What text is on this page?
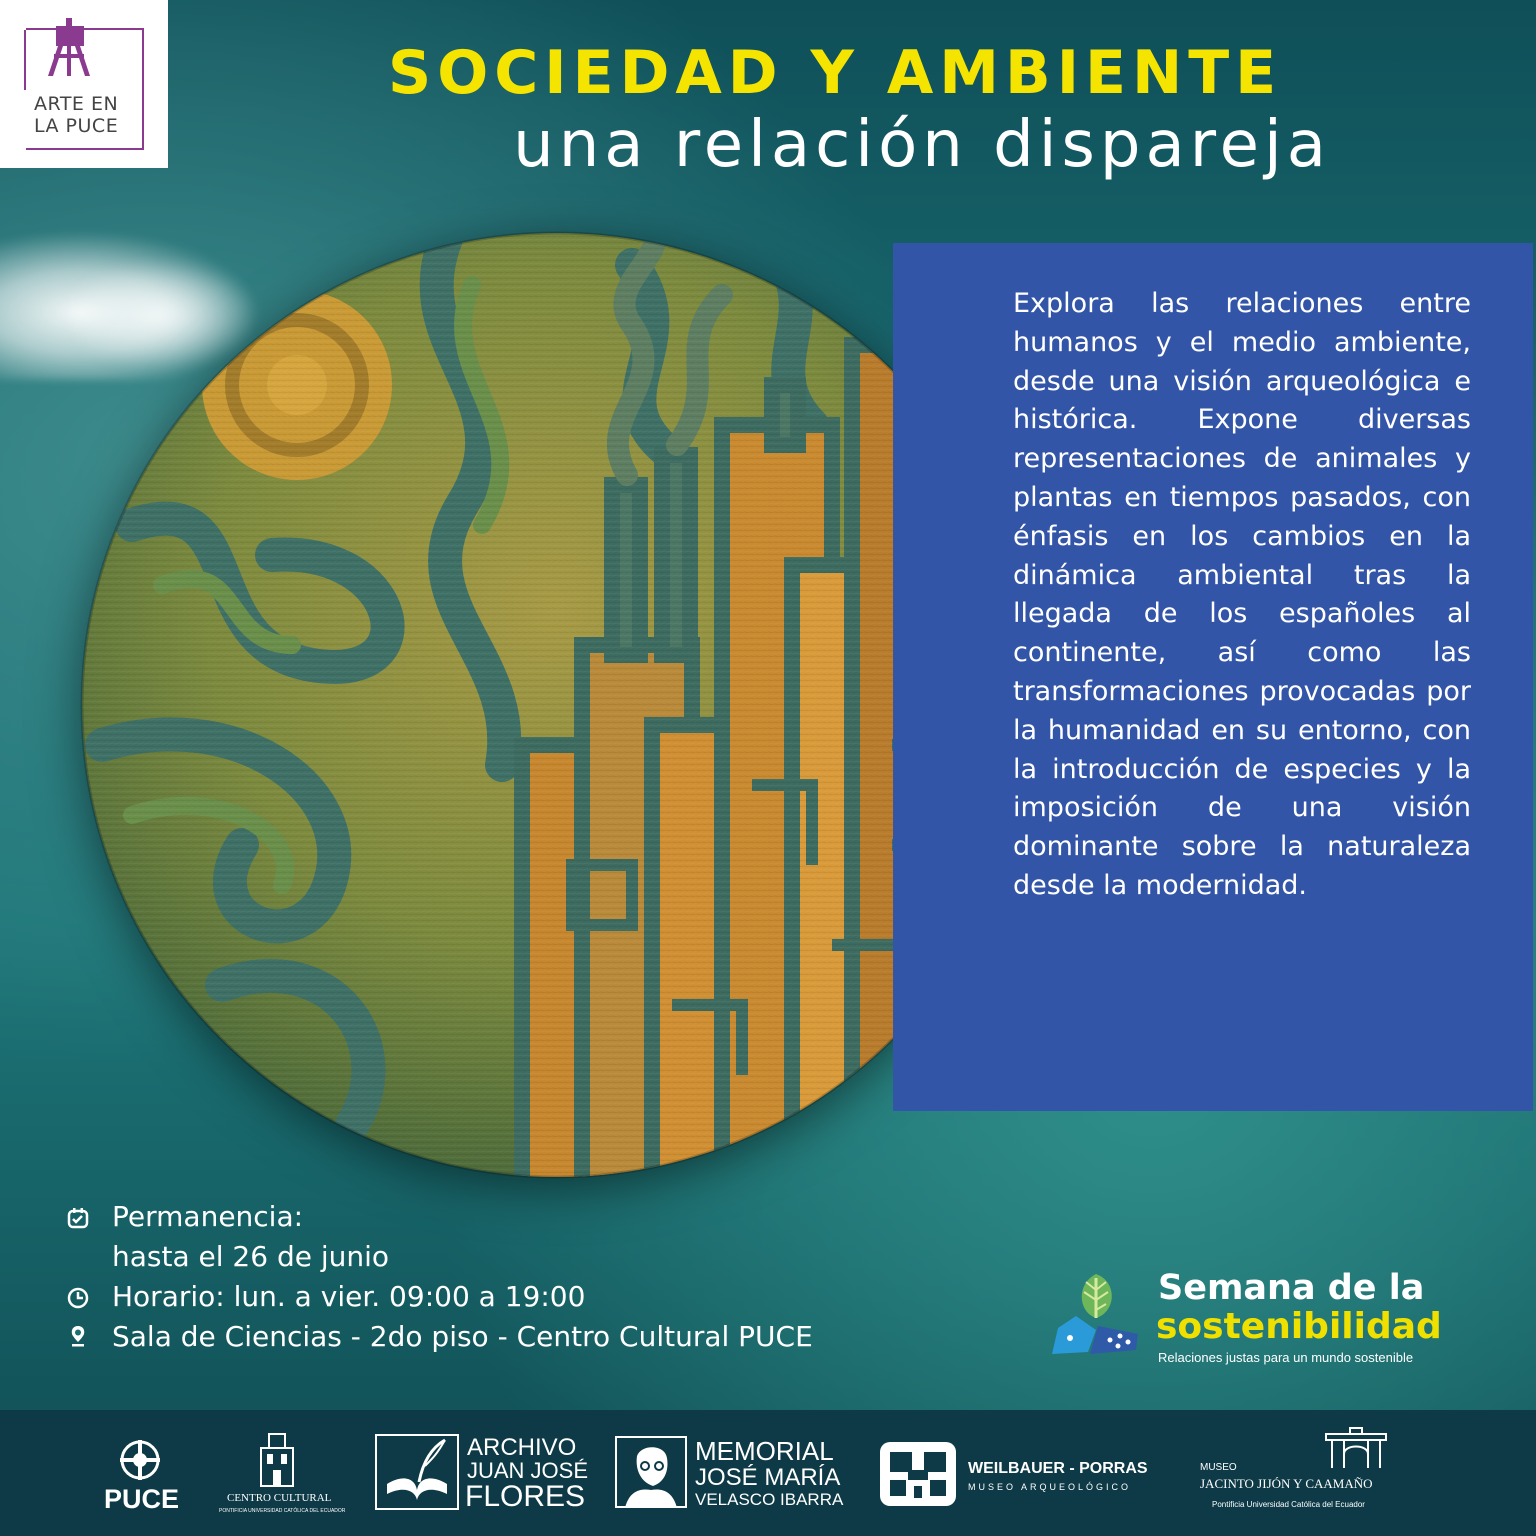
ARTE EN
LA PUCE
SOCIEDAD Y AMBIENTE
una relación dispareja

Explora las relaciones entre humanos y el medio ambiente, desde una visión arqueológica e histórica. Expone diversas representaciones de animales y plantas en tiempos pasados, con énfasis en los cambios en la dinámica ambiental tras la llegada de los españoles al continente, así como las transformaciones provocadas por la humanidad en su entorno, con la introducción de especies y la imposición de una visión dominante sobre la naturaleza desde la modernidad.

Permanencia:
hasta el 26 de junio
Horario: lun. a vier. 09:00 a 19:00
Sala de Ciencias - 2do piso - Centro Cultural PUCE
Semana de la
sostenibilidad
Relaciones justas para un mundo sostenible
PUCE	CENTRO CULTURAL
PONTIFICIA UNIVERSIDAD CATÓLICA DEL ECUADOR
ARCHIVO
JUAN JOSÉ
FLORES
MEMORIAL
JOSÉ MARÍA
VELASCO IBARRA
WEILBAUER - PORRAS
MUSEO ARQUEOLÓGICO
MUSEO
JACINTO JIJÓN Y CAAMAÑO
Pontificia Universidad Católica del Ecuador
